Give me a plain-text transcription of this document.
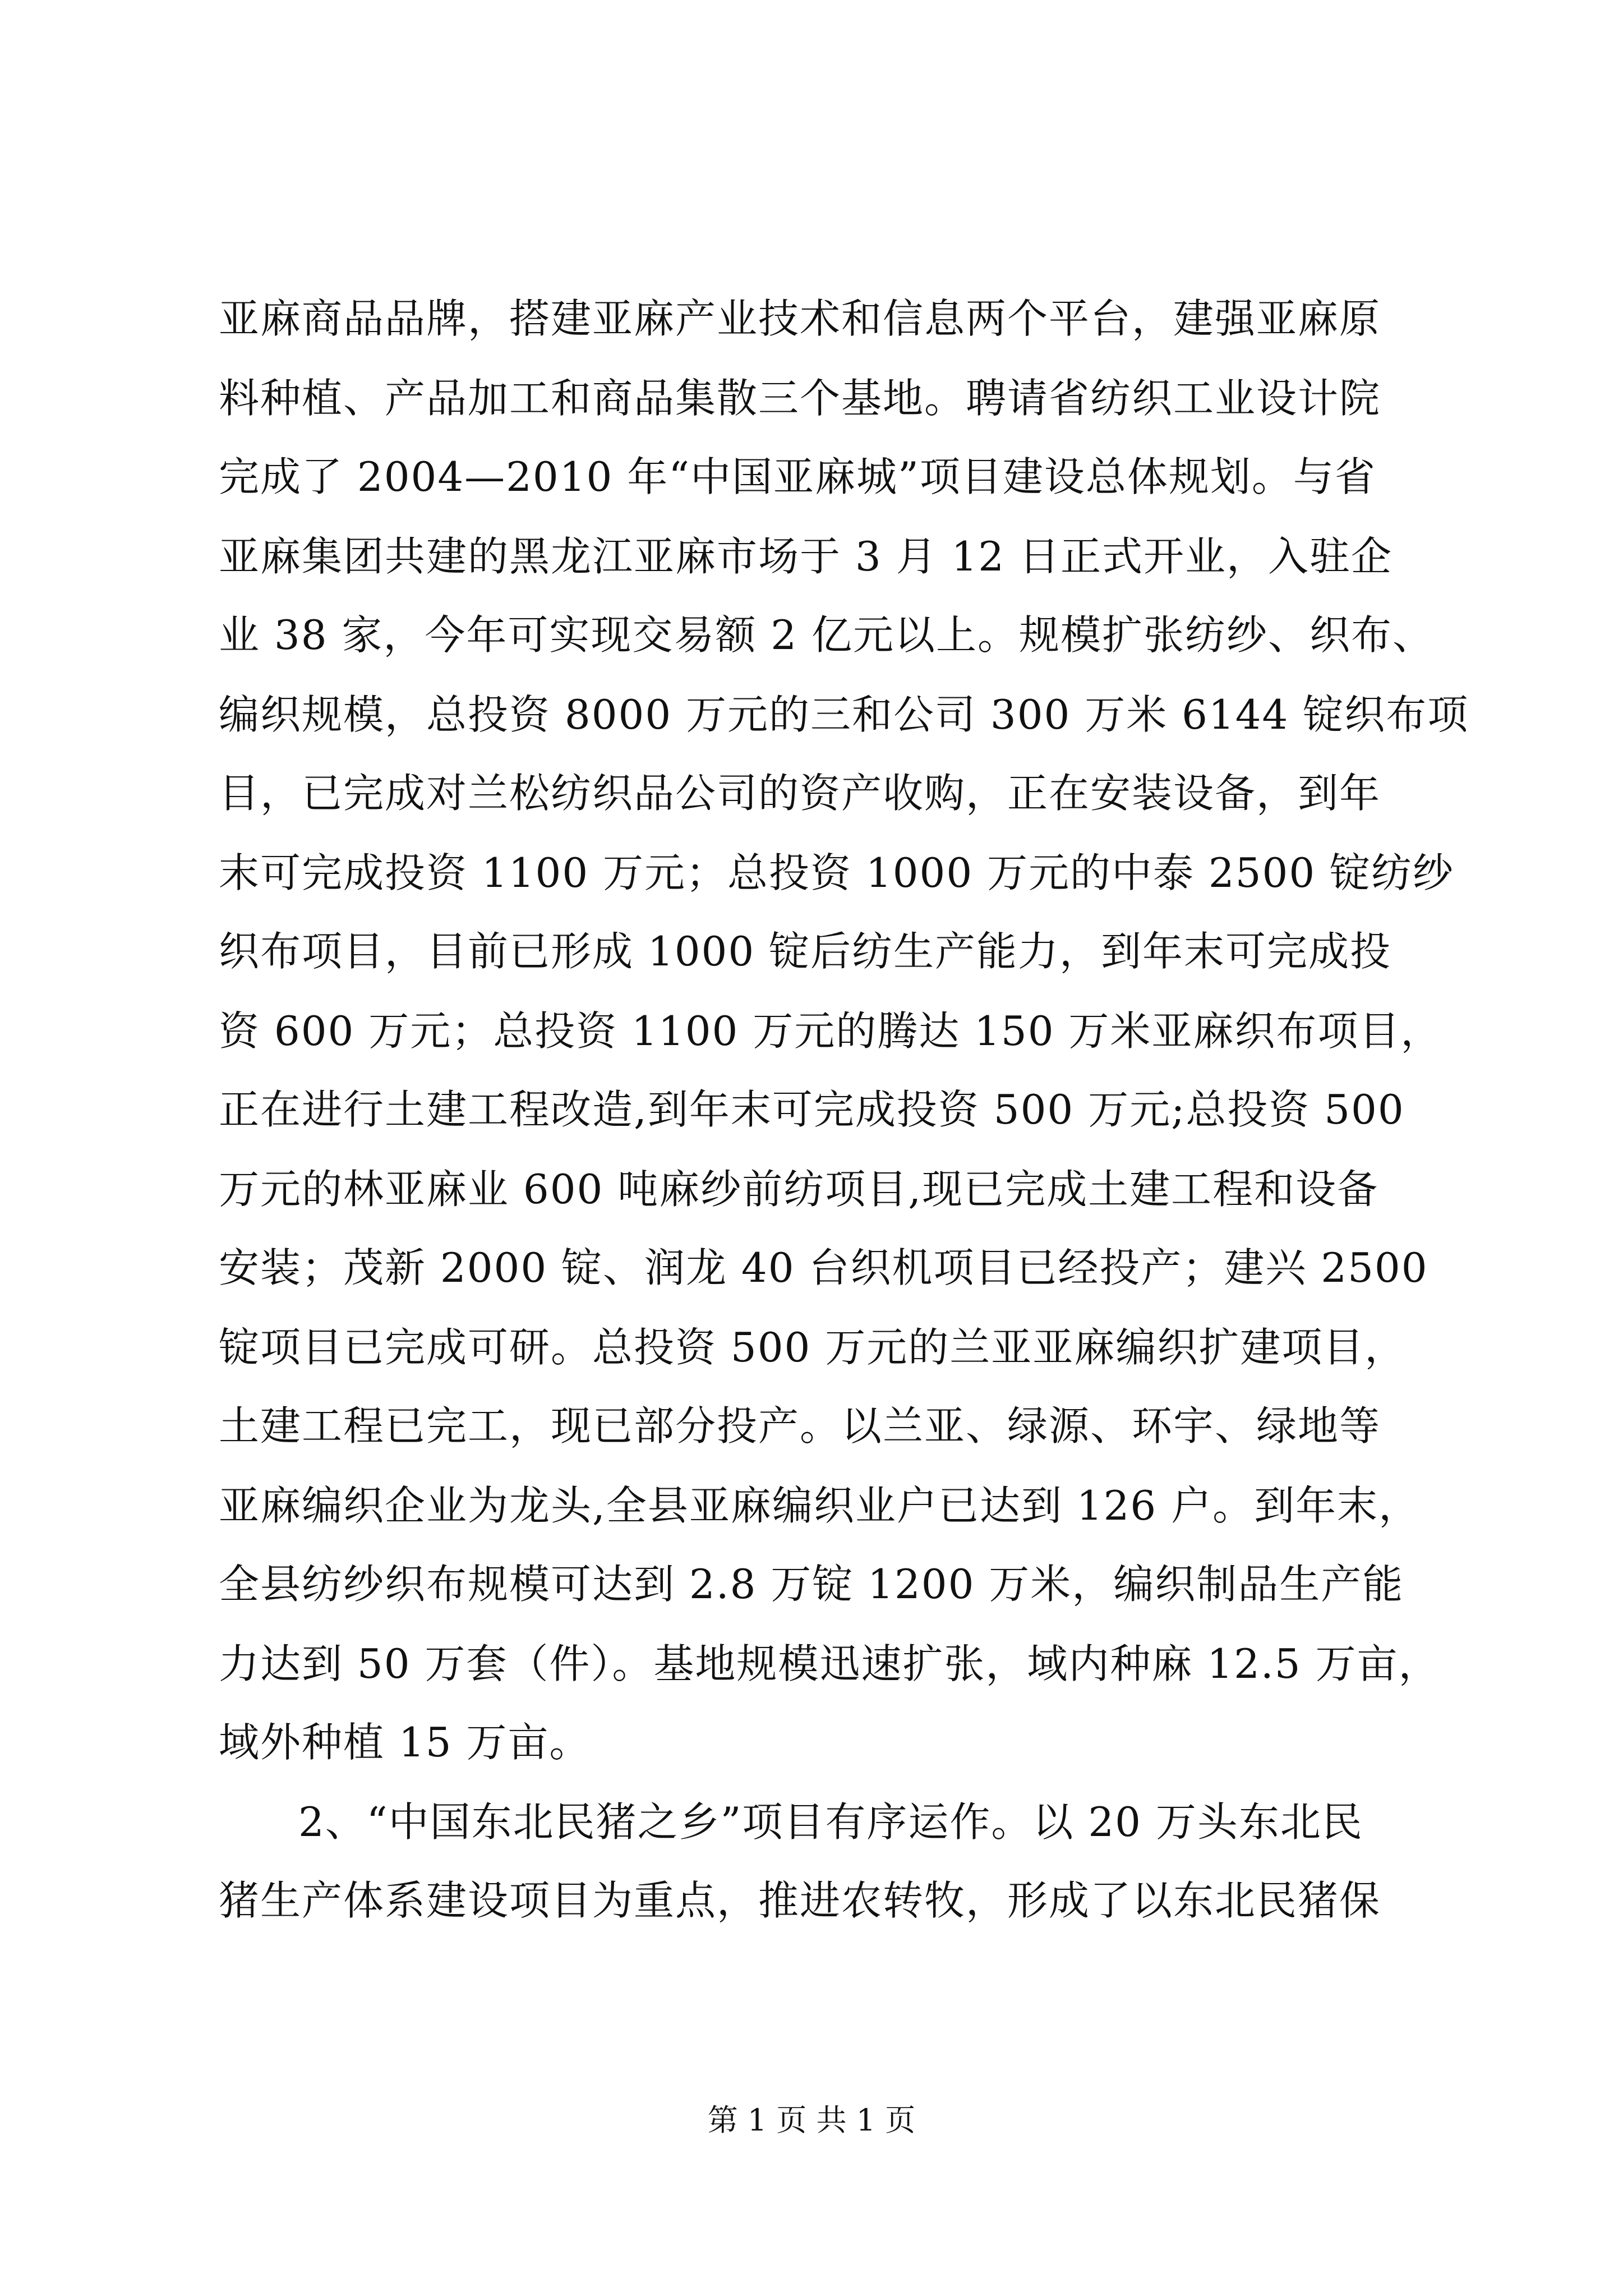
亚麻商品品牌，搭建亚麻产业技术和信息两个平台，建强亚麻原
料种植、产品加工和商品集散三个基地。聘请省纺织工业设计院
完成了 2004—2010 年“中国亚麻城”项目建设总体规划。与省
亚麻集团共建的黑龙江亚麻市场于 3 月 12 日正式开业，入驻企
业 38 家，今年可实现交易额 2 亿元以上。规模扩张纺纱、织布、
编织规模，总投资 8000 万元的三和公司 300 万米 6144 锭织布项
目，已完成对兰松纺织品公司的资产收购，正在安装设备，到年
末可完成投资 1100 万元；总投资 1000 万元的中泰 2500 锭纺纱
织布项目，目前已形成 1000 锭后纺生产能力，到年末可完成投
资 600 万元；总投资 1100 万元的腾达 150 万米亚麻织布项目，
正在进行土建工程改造,到年末可完成投资 500 万元;总投资 500
万元的林亚麻业 600 吨麻纱前纺项目,现已完成土建工程和设备
安装；茂新 2000 锭、润龙 40 台织机项目已经投产；建兴 2500
锭项目已完成可研。总投资 500 万元的兰亚亚麻编织扩建项目，
土建工程已完工，现已部分投产。以兰亚、绿源、环宇、绿地等
亚麻编织企业为龙头,全县亚麻编织业户已达到 126 户。到年末，
全县纺纱织布规模可达到 2.8 万锭 1200 万米，编织制品生产能
力达到 50 万套（件）。基地规模迅速扩张，域内种麻 12.5 万亩，
域外种植 15 万亩。
2、“中国东北民猪之乡”项目有序运作。以 20 万头东北民
猪生产体系建设项目为重点，推进农转牧，形成了以东北民猪保
第 1 页 共 1 页
